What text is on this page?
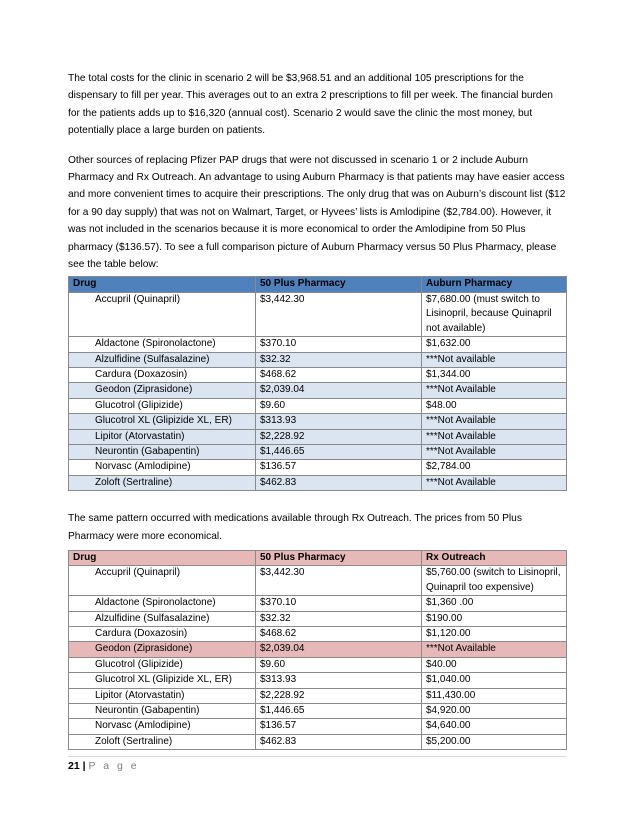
The total costs for the clinic in scenario 2 will be $3,968.51 and an additional 105 prescriptions for the dispensary to fill per year. This averages out to an extra 2 prescriptions to fill per week. The financial burden for the patients adds up to $16,320 (annual cost). Scenario 2 would save the clinic the most money, but potentially place a large burden on patients.

Other sources of replacing Pfizer PAP drugs that were not discussed in scenario 1 or 2 include Auburn Pharmacy and Rx Outreach. An advantage to using Auburn Pharmacy is that patients may have easier access and more convenient times to acquire their prescriptions. The only drug that was on Auburn’s discount list ($12 for a 90 day supply) that was not on Walmart, Target, or Hyvees’ lists is Amlodipine ($2,784.00). However, it was not included in the scenarios because it is more economical to order the Amlodipine from 50 Plus pharmacy ($136.57). To see a full comparison picture of Auburn Pharmacy versus 50 Plus Pharmacy, please see the table below:

Drug	50 Plus Pharmacy	Auburn Pharmacy
Accupril (Quinapril)	$3,442.30	$7,680.00 (must switch to Lisinopril, because Quinapril not available)
Aldactone (Spironolactone)	$370.10	$1,632.00
Alzulfidine (Sulfasalazine)	$32.32	***Not available
Cardura (Doxazosin)	$468.62	$1,344.00
Geodon (Ziprasidone)	$2,039.04	***Not Available
Glucotrol (Glipizide)	$9.60	$48.00
Glucotrol XL (Glipizide XL, ER)	$313.93	***Not Available
Lipitor (Atorvastatin)	$2,228.92	***Not Available
Neurontin (Gabapentin)	$1,446.65	***Not Available
Norvasc (Amlodipine)	$136.57	$2,784.00
Zoloft (Sertraline)	$462.83	***Not Available

The same pattern occurred with medications available through Rx Outreach. The prices from 50 Plus Pharmacy were more economical.

Drug	50 Plus Pharmacy	Rx Outreach
Accupril (Quinapril)	$3,442.30	$5,760.00 (switch to Lisinopril, Quinapril too expensive)
Aldactone (Spironolactone)	$370.10	$1,360 .00
Alzulfidine (Sulfasalazine)	$32.32	$190.00
Cardura (Doxazosin)	$468.62	$1,120.00
Geodon (Ziprasidone)	$2,039.04	***Not Available
Glucotrol (Glipizide)	$9.60	$40.00
Glucotrol XL (Glipizide XL, ER)	$313.93	$1,040.00
Lipitor (Atorvastatin)	$2,228.92	$11,430.00
Neurontin (Gabapentin)	$1,446.65	$4,920.00
Norvasc (Amlodipine)	$136.57	$4,640.00
Zoloft (Sertraline)	$462.83	$5,200.00
21 | P a g e
